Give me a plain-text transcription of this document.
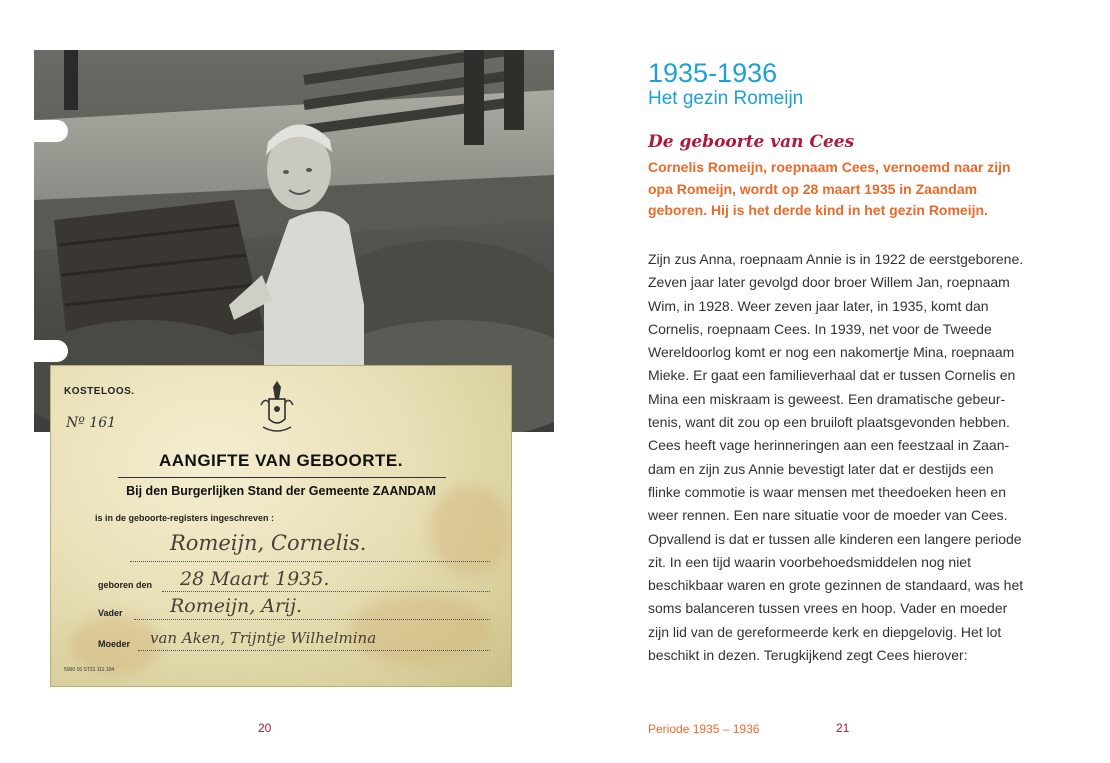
KOSTELOOS.
Nº 161
AANGIFTE VAN GEBOORTE.
Bij den Burgerlijken Stand der Gemeente ZAANDAM
is in de geboorte-registers ingeschreven :
Romeijn, Cornelis.
geboren den 28 Maart 1935.
Vader Romeijn, Arij.
Moeder van Aken, Trijntje Wilhelmina
5000 16 ST21 111 104
20
1935-1936
Het gezin Romeijn
De geboorte van Cees
Cornelis Romeijn, roepnaam Cees, vernoemd naar zijn
opa Romeijn, wordt op 28 maart 1935 in Zaandam
geboren. Hij is het derde kind in het gezin Romeijn.
Zijn zus Anna, roepnaam Annie is in 1922 de eerstgeborene.
Zeven jaar later gevolgd door broer Willem Jan, roepnaam
Wim, in 1928. Weer zeven jaar later, in 1935, komt dan
Cornelis, roepnaam Cees. In 1939, net voor de Tweede
Wereldoorlog komt er nog een nakomertje Mina, roepnaam
Mieke. Er gaat een familieverhaal dat er tussen Cornelis en
Mina een miskraam is geweest. Een dramatische gebeur-
tenis, want dit zou op een bruiloft plaatsgevonden hebben.
Cees heeft vage herinneringen aan een feestzaal in Zaan-
dam en zijn zus Annie bevestigt later dat er destijds een
flinke commotie is waar mensen met theedoeken heen en
weer rennen. Een nare situatie voor de moeder van Cees.
Opvallend is dat er tussen alle kinderen een langere periode
zit. In een tijd waarin voorbehoedsmiddelen nog niet
beschikbaar waren en grote gezinnen de standaard, was het
soms balanceren tussen vrees en hoop. Vader en moeder
zijn lid van de gereformeerde kerk en diepgelovig. Het lot
beschikt in dezen. Terugkijkend zegt Cees hierover:
Periode 1935 – 1936	21
